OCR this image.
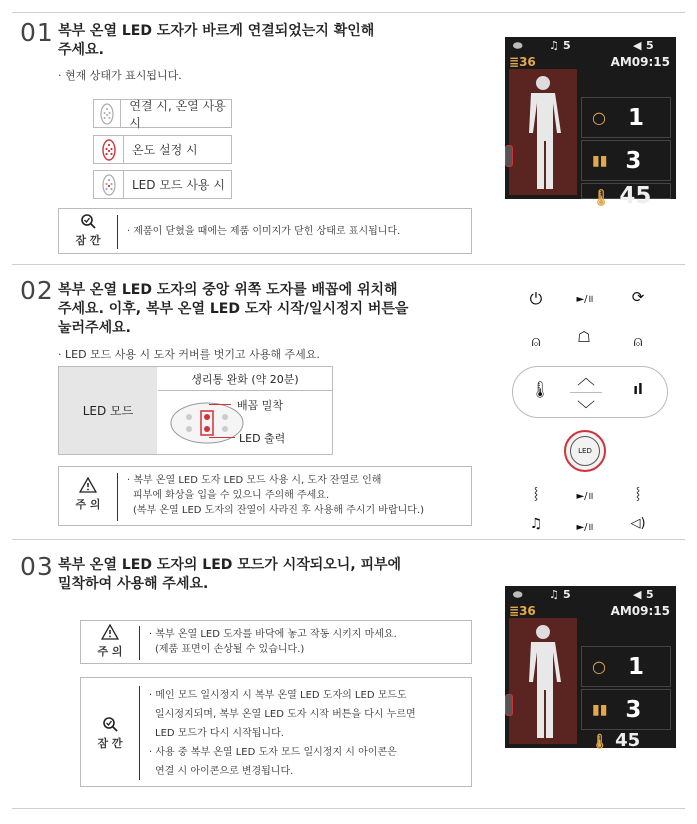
01 복부 온열 LED 도자가 바르게 연결되었는지 확인해
주세요.
· 현재 상태가 표시됩니다.
연결 시, 온열 사용 시
온도 설정 시
LED 모드 사용 시
잠 깐
· 제품이 닫혔을 때에는 제품 이미지가 닫힌 상태로 표시됩니다.
⬬ ♫ 5	◀ 5
≣36	AM09:15
○ 1
▮▮ 3
🌡 45
02 복부 온열 LED 도자의 중앙 위쪽 도자를 배꼽에 위치해
주세요. 이후, 복부 온열 LED 도자 시작/일시정지 버튼을
눌러주세요.
· LED 모드 사용 시 도자 커버를 벗기고 사용해 주세요.
LED 모드
생리통 완화 (약 20분)
배꼽 밀착
LED 출력
주 의
· 복부 온열 LED 도자 LED 모드 사용 시, 도자 잔열로 인해
피부에 화상을 입을 수 있으니 주의해 주세요.
(복부 온열 LED 도자의 잔열이 사라진 후 사용해 주시기 바랍니다.)
⏻	►/॥	⟳
⍝	☖	⍝
🌡
︿
﹀
ıl
LED
⸾	►/॥	⸾
♫	►/॥	◁)
03 복부 온열 LED 도자의 LED 모드가 시작되오니, 피부에
밀착하여 사용해 주세요.
주 의
· 복부 온열 LED 도자를 바닥에 놓고 작동 시키지 마세요.
(제품 표면이 손상될 수 있습니다.)
잠 깐
· 메인 모드 일시정지 시 복부 온열 LED 도자의 LED 모드도
일시정지되며, 복부 온열 LED 도자 시작 버튼을 다시 누르면
LED 모드가 다시 시작됩니다.
· 사용 중 복부 온열 LED 도자 모드 일시정지 시 아이콘은
연결 시 아이콘으로 변경됩니다.
⬬ ♫ 5	◀ 5
≣36	AM09:15
○ 1
▮▮ 3
🌡 45
